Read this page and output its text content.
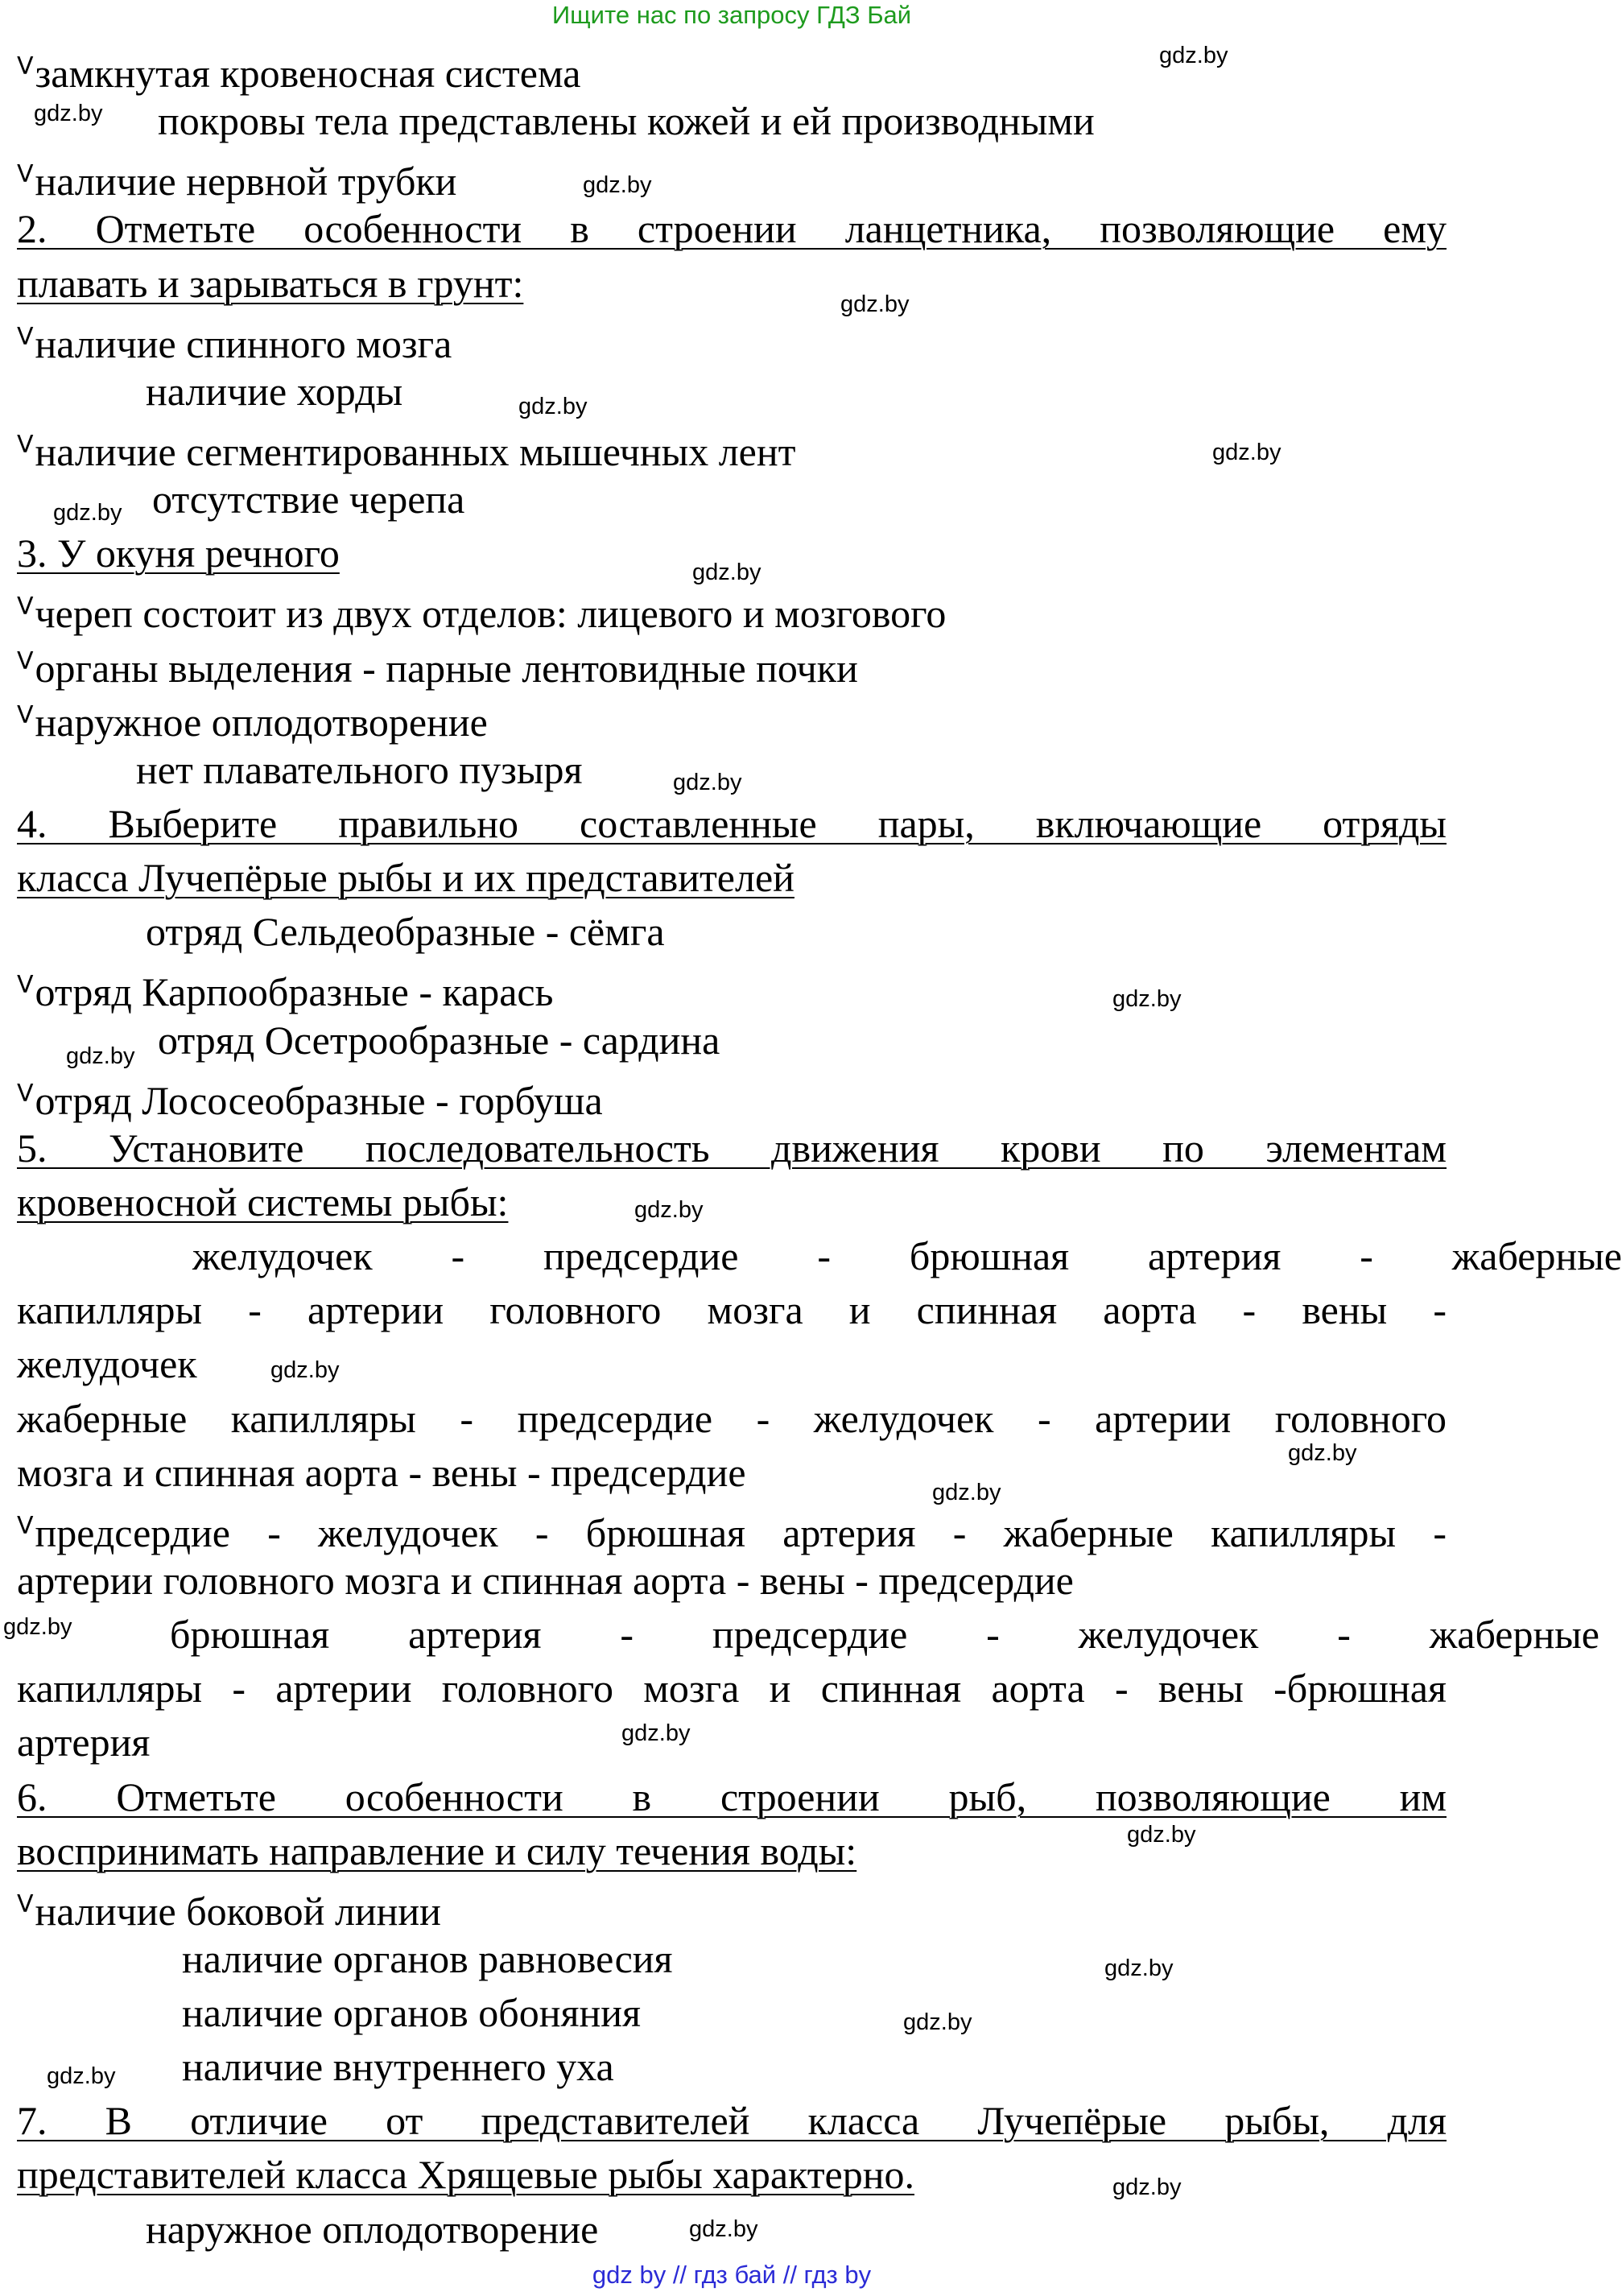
Ищите нас по запросу ГДЗ Бай
$^ᐯ$замкнутая кровеносная система
покровы тела представлены кожей и ей производными
$^ᐯ$наличие нервной трубки
2. Отметьте особенности в строении ланцетника, позволяющие ему
плавать и зарываться в грунт:
$^ᐯ$наличие спинного мозга
наличие хорды
$^ᐯ$наличие сегментированных мышечных лент
отсутствие черепа
3. У окуня речного
$^ᐯ$череп состоит из двух отделов: лицевого и мозгового
$^ᐯ$органы выделения - парные лентовидные почки
$^ᐯ$наружное оплодотворение
нет плавательного пузыря
4. Выберите правильно составленные пары, включающие отряды
класса Лучепёрые рыбы и их представителей
отряд Сельдеобразные - сёмга
$^ᐯ$отряд Карпообразные - карась
отряд Осетрообразные - сардина
$^ᐯ$отряд Лососеобразные - горбуша
5. Установите последовательность движения крови по элементам
кровеносной системы рыбы:
желудочек - предсердие - брюшная артерия - жаберные
капилляры - артерии головного мозга и спинная аорта - вены -
желудочек
жаберные капилляры - предсердие - желудочек - артерии головного
мозга и спинная аорта - вены - предсердие
$^ᐯ$предсердие - желудочек - брюшная артерия - жаберные капилляры -
артерии головного мозга и спинная аорта - вены - предсердие
брюшная артерия - предсердие - желудочек - жаберные
капилляры - артерии головного мозга и спинная аорта - вены -брюшная
артерия
6. Отметьте особенности в строении рыб, позволяющие им
воспринимать направление и силу течения воды:
$^ᐯ$наличие боковой линии
наличие органов равновесия
наличие органов обоняния
наличие внутреннего уха
7. В отличие от представителей класса Лучепёрые рыбы, для
представителей класса Хрящевые рыбы характерно.
наружное оплодотворение
gdz.by
gdz.by
gdz.by
gdz.by
gdz.by
gdz.by
gdz.by
gdz.by
gdz.by
gdz.by
gdz.by
gdz.by
gdz.by
gdz.by
gdz.by
gdz.by
gdz.by
gdz.by
gdz.by
gdz.by
gdz.by
gdz.by
gdz.by
gdz by // гдз бай // гдз by
